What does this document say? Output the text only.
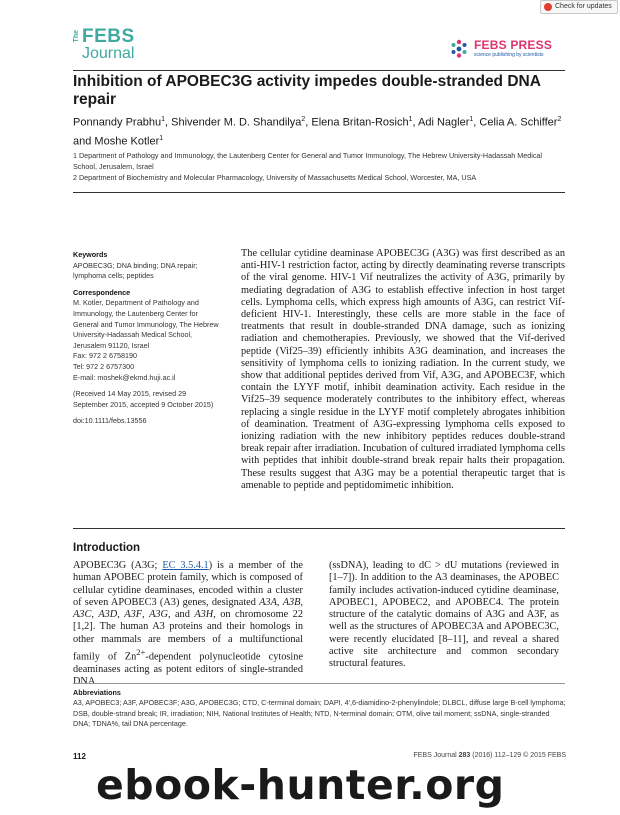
Check for updates
The FEBS
Journal	FEBS PRESS
science publishing by scientists
Inhibition of APOBEC3G activity impedes double-stranded DNA repair

Ponnandy Prabhu$^1$, Shivender M. D. Shandilya$^2$, Elena Britan-Rosich$^1$, Adi Nagler$^1$, Celia A. Schiffer$^2$ and Moshe Kotler$^1$

1 Department of Pathology and Immunology, the Lautenberg Center for General and Tumor Immunology, The Hebrew University-Hadassah Medical School, Jerusalem, Israel

2 Department of Biochemistry and Molecular Pharmacology, University of Massachusetts Medical School, Worcester, MA, USA

Keywords

APOBEC3G; DNA binding; DNA repair; lymphoma cells; peptides

Correspondence

M. Kotler, Department of Pathology and Immunology, the Lautenberg Center for General and Tumor Immunology, The Hebrew University-Hadassah Medical School, Jerusalem 91120, Israel

Fax: 972 2 6758190

Tel: 972 2 6757300

E-mail: moshek@ekmd.huji.ac.il

(Received 14 May 2015, revised 29 September 2015, accepted 9 October 2015)

doi:10.1111/febs.13556

The cellular cytidine deaminase APOBEC3G (A3G) was first described as an anti-HIV-1 restriction factor, acting by directly deaminating reverse transcripts of the viral genome. HIV-1 Vif neutralizes the activity of A3G, primarily by mediating degradation of A3G to establish effective infection in host target cells. Lymphoma cells, which express high amounts of A3G, can restrict Vif-deficient HIV-1. Interestingly, these cells are more stable in the face of treatments that result in double-stranded DNA damage, such as ionizing radiation and chemotherapies. Previously, we showed that the Vif-derived peptide (Vif25–39) efficiently inhibits A3G deamination, and increases the sensitivity of lymphoma cells to ionizing radiation. In the current study, we show that additional peptides derived from Vif, A3G, and APOBEC3F, which contain the LYYF motif, inhibit deamination activity. Each residue in the Vif25–39 sequence moderately contributes to the inhibitory effect, whereas replacing a single residue in the LYYF motif completely abrogates inhibition of deamination. Treatment of A3G-expressing lymphoma cells exposed to ionizing radiation with the new inhibitory peptides reduces double-strand break repair after irradiation. Incubation of cultured irradiated lymphoma cells with peptides that inhibit double-strand break repair halts their propagation. These results suggest that A3G may be a potential therapeutic target that is amenable to peptide and peptidomimetic inhibition.

Introduction

APOBEC3G (A3G; EC 3.5.4.1) is a member of the human APOBEC protein family, which is composed of cellular cytidine deaminases, encoded within a cluster of seven APOBEC3 (A3) genes, designated A3A, A3B, A3C, A3D, A3F, A3G, and A3H, on chromosome 22 [1,2]. The human A3 proteins and their homologs in other mammals are members of a multifunctional family of $Zn^{2+}$-dependent polynucleotide cytosine deaminases acting as potent editors of single-stranded DNA

(ssDNA), leading to dC > dU mutations (reviewed in [1–7]). In addition to the A3 deaminases, the APOBEC family includes activation-induced cytidine deaminase, APOBEC1, APOBEC2, and APOBEC4. The protein structure of the catalytic domains of A3G and A3F, as well as the structures of APOBEC3A and APOBEC3C, were recently elucidated [8–11], and reveal a shared active site architecture and common secondary structural features.

Abbreviations

A3, APOBEC3; A3F, APOBEC3F; A3G, APOBEC3G; CTD, C-terminal domain; DAPI, 4′,6-diamidino-2-phenylindole; DLBCL, diffuse large B-cell lymphoma; DSB, double-strand break; IR, irradiation; NIH, National Institutes of Health; NTD, N-terminal domain; OTM, olive tail moment; ssDNA, single-stranded DNA; TDNA%, tail DNA percentage.

112	FEBS Journal 283 (2016) 112–129 © 2015 FEBS

ebook-hunter.org
